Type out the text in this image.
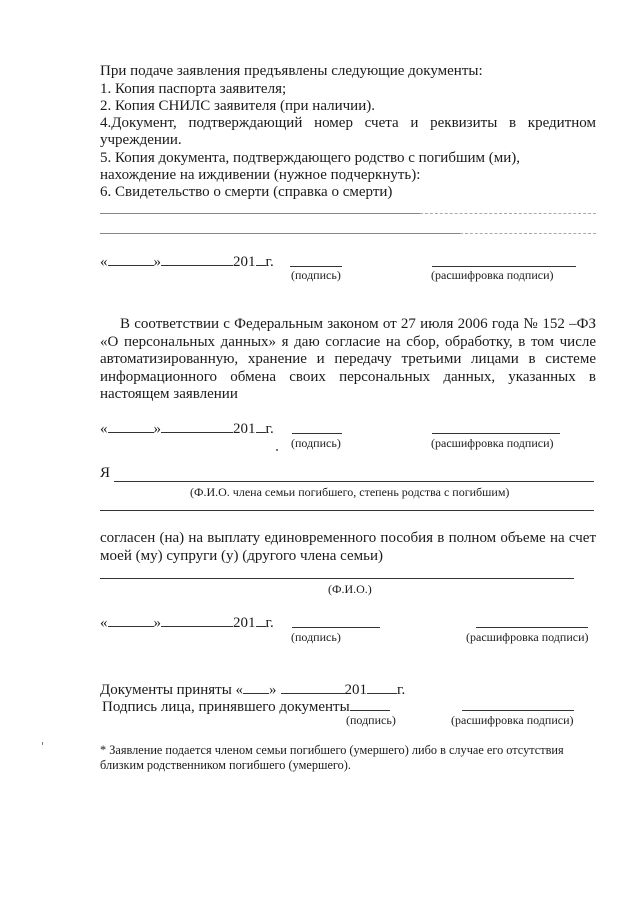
При подаче заявления предъявлены следующие документы:
1. Копия паспорта заявителя;
2. Копия СНИЛС заявителя (при наличии).
4.Документ, подтверждающий номер счета и реквизиты в кредитном
учреждении.
5. Копия документа, подтверждающего родство с погибшим (ми),
нахождение на иждивении (нужное подчеркнуть):
6. Свидетельство о смерти (справка о смерти)
«	»	201 г.
(подпись)	(расшифровка подписи)
В соответствии с Федеральным законом от 27 июля 2006 года № 152 –ФЗ
«О персональных данных» я даю согласие на сбор, обработку, в том числе
автоматизированную, хранение и передачу третьими лицами в системе
информационного обмена своих персональных данных, указанных в
настоящем заявлении
«	»	201 г.
(подпись)	(расшифровка подписи)
Я
(Ф.И.О. члена семьи погибшего, степень родства с погибшим)
согласен (на) на выплату единовременного пособия в полном объеме на счет
моей (му) супруги (у) (другого члена семьи)
(Ф.И.О.)
«	»	201 г.
(подпись)	(расшифровка подписи)
Документы приняты « »	201 г.
Подпись лица, принявшего документы
(подпись)	(расшифровка подписи)
* Заявление подается членом семьи погибшего (умершего) либо в случае его отсутствия
близким родственником погибшего (умершего).
